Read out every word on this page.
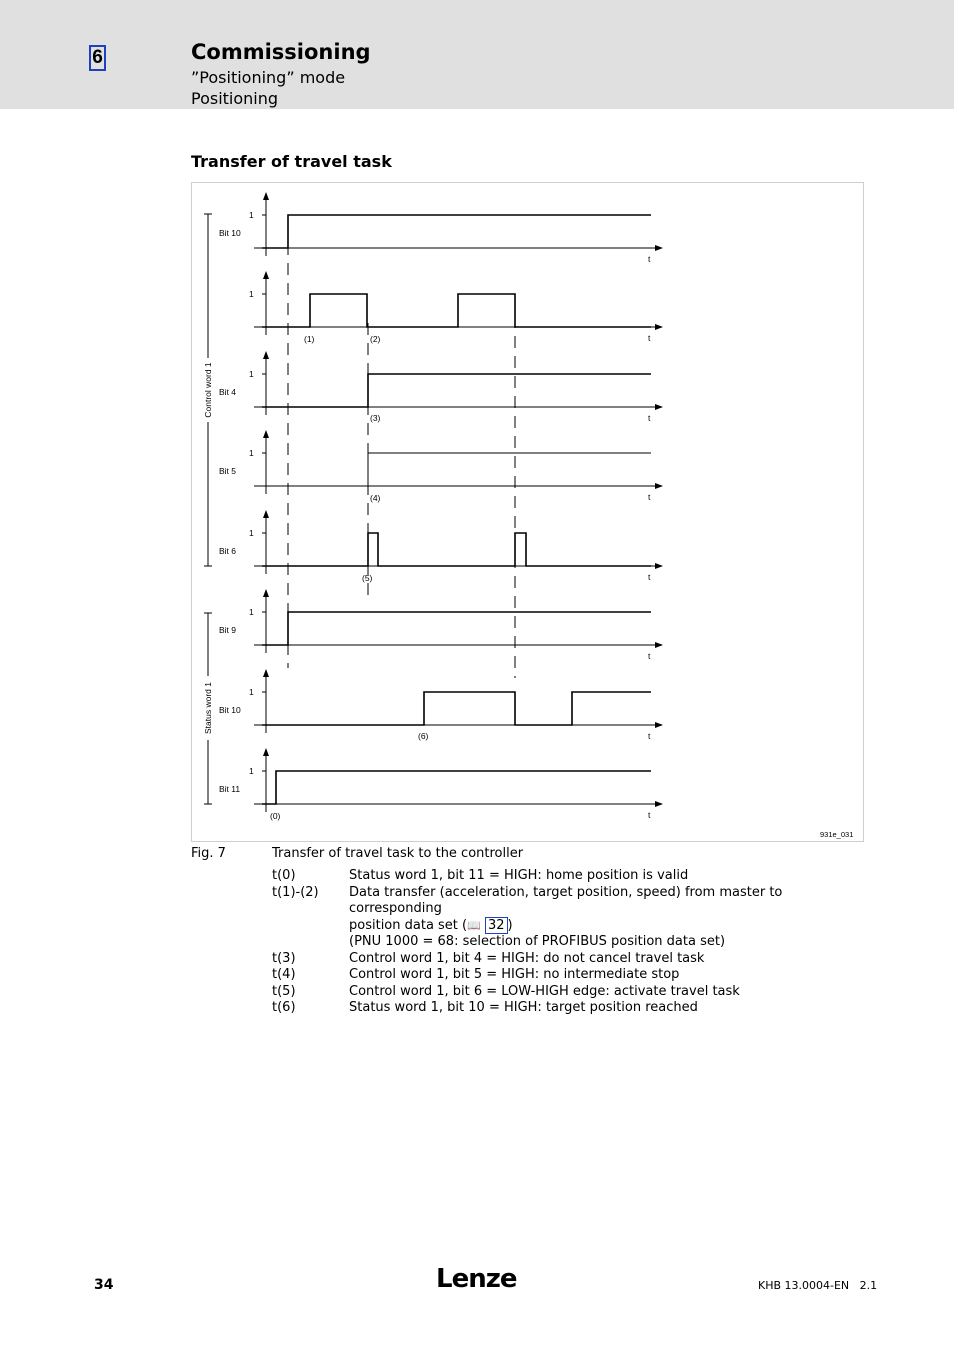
6	Commissioning
”Positioning” mode
Positioning
Transfer of travel task
1
t
Bit 10
1
t
1
t
Bit 4
1
t
Bit 5
1
t
Bit 6
1
t
Bit 9
1
t
Bit 10
1
t
Bit 11
(1)	(2)
(3)
(4)
(5)
(6)
(0)
Control word 1
Status word 1
931e_031
Fig. 7	Transfer of travel task to the controller
t(0)	Status word 1, bit 11 = HIGH: home position is valid
t(1)-(2) Data transfer (acceleration, target position, speed) from master to corresponding
position data set (📖 32 )
(PNU 1000 = 68: selection of PROFIBUS position data set)
t(3)	Control word 1, bit 4 = HIGH: do not cancel travel task
t(4)	Control word 1, bit 5 = HIGH: no intermediate stop
t(5)	Control word 1, bit 6 = LOW-HIGH edge: activate travel task
t(6)	Status word 1, bit 10 = HIGH: target position reached
34	Lenze	KHB 13.0004-EN   2.1
